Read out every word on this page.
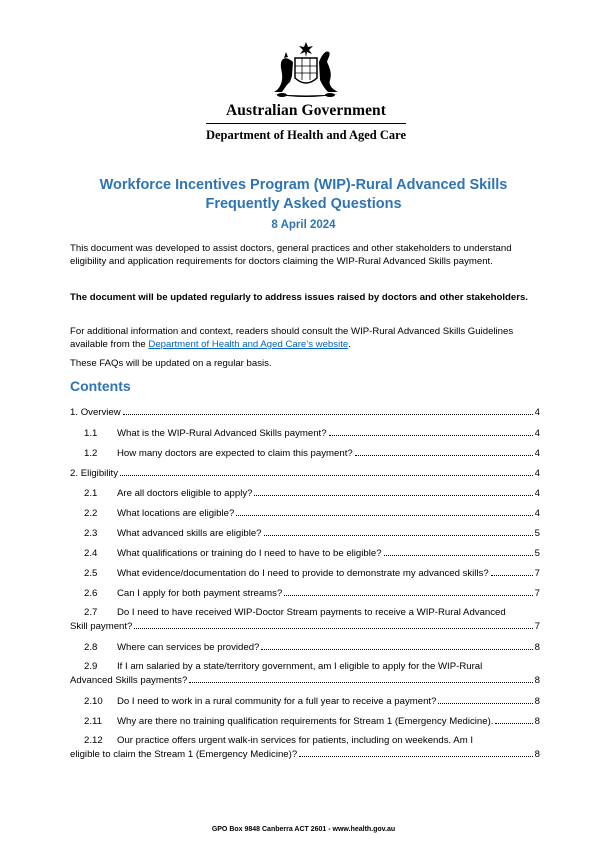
Australian Government
Department of Health and Aged Care
Workforce Incentives Program (WIP)-Rural Advanced Skills
Frequently Asked Questions
8 April 2024
This document was developed to assist doctors, general practices and other stakeholders to understand eligibility and application requirements for doctors claiming the WIP-Rural Advanced Skills payment.
The document will be updated regularly to address issues raised by doctors and other stakeholders.
For additional information and context, readers should consult the WIP-Rural Advanced Skills Guidelines available from the Department of Health and Aged Care’s website.
These FAQs will be updated on a regular basis.
Contents
1. Overview	4
1.1 What is the WIP-Rural Advanced Skills payment?	4
1.2 How many doctors are expected to claim this payment?	4
2. Eligibility	4
2.1 Are all doctors eligible to apply?	4
2.2 What locations are eligible?	4
2.3 What advanced skills are eligible?	5
2.4 What qualifications or training do I need to have to be eligible?	5
2.5 What evidence/documentation do I need to provide to demonstrate my advanced skills?	7
2.6 Can I apply for both payment streams?	7
2.7 Do I need to have received WIP-Doctor Stream payments to receive a WIP-Rural Advanced
Skill payment?	7
2.8 Where can services be provided?	8
2.9 If I am salaried by a state/territory government, am I eligible to apply for the WIP-Rural
Advanced Skills payments?	8
2.10 Do I need to work in a rural community for a full year to receive a payment?	8
2.11 Why are there no training qualification requirements for Stream 1 (Emergency Medicine).	8
2.12 Our practice offers urgent walk-in services for patients, including on weekends. Am I
eligible to claim the Stream 1 (Emergency Medicine)?	8
GPO Box 9848 Canberra ACT 2601 - www.health.gov.au
